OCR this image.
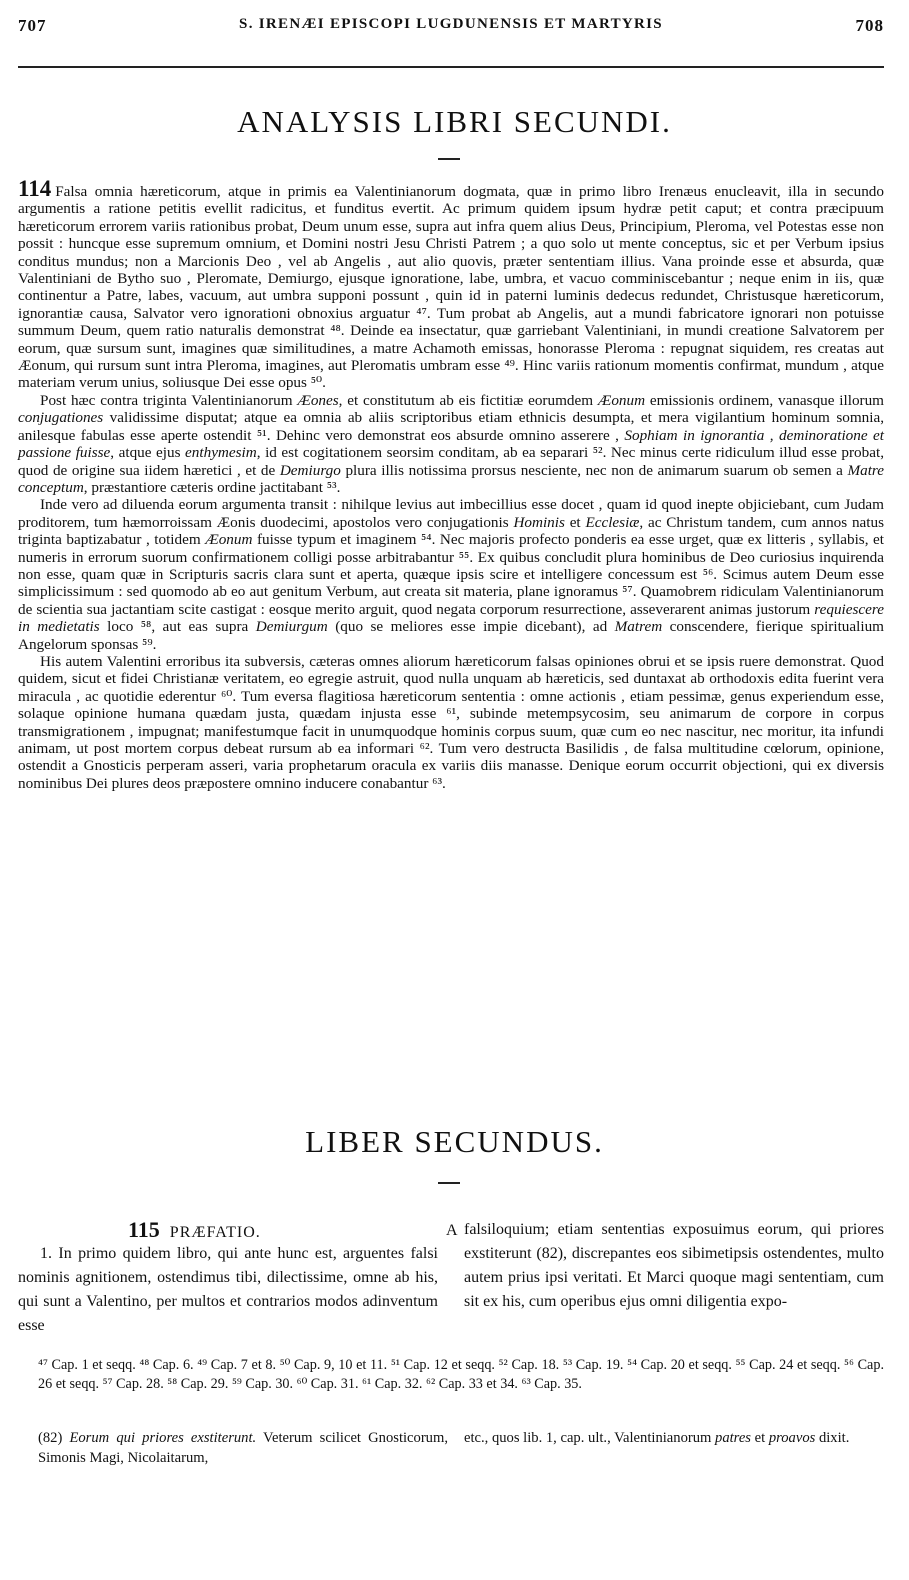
707	S. IRENÆI EPISCOPI LUGDUNENSIS ET MARTYRIS	708
ANALYSIS LIBRI SECUNDI.

114 Falsa omnia hæreticorum, atque in primis ea Valentinianorum dogmata, quæ in primo libro Irenæus enucleavit, illa in secundo argumentis a ratione petitis evellit radicitus, et funditus evertit. Ac primum quidem ipsum hydræ petit caput; et contra præcipuum hæreticorum errorem variis rationibus probat, Deum unum esse, supra aut infra quem alius Deus, Principium, Pleroma, vel Potestas esse non possit : huncque esse supremum omnium, et Domini nostri Jesu Christi Patrem ; a quo solo ut mente conceptus, sic et per Verbum ipsius conditus mundus; non a Marcionis Deo , vel ab Angelis , aut alio quovis, præter sententiam illius. Vana proinde esse et absurda, quæ Valentiniani de Bytho suo , Pleromate, Demiurgo, ejusque ignoratione, labe, umbra, et vacuo comminiscebantur ; neque enim in iis, quæ continentur a Patre, labes, vacuum, aut umbra supponi possunt , quin id in paterni luminis dedecus redundet, Christusque hæreticorum, ignorantiæ causa, Salvator vero ignorationi obnoxius arguatur ⁴⁷. Tum probat ab Angelis, aut a mundi fabricatore ignorari non potuisse summum Deum, quem ratio naturalis demonstrat ⁴⁸. Deinde ea insectatur, quæ garriebant Valentiniani, in mundi creatione Salvatorem per eorum, quæ sursum sunt, imagines quæ similitudines, a matre Achamoth emissas, honorasse Pleroma : repugnat siquidem, res creatas aut Æonum, qui rursum sunt intra Pleroma, imagines, aut Pleromatis umbram esse ⁴⁹. Hinc variis rationum momentis confirmat, mundum , atque materiam verum unius, soliusque Dei esse opus ⁵⁰.

Post hæc contra triginta Valentinianorum Æones, et constitutum ab eis fictitiæ eorumdem Æonum emissionis ordinem, vanasque illorum conjugationes validissime disputat; atque ea omnia ab aliis scriptoribus etiam ethnicis desumpta, et mera vigilantium hominum somnia, anilesque fabulas esse aperte ostendit ⁵¹. Dehinc vero demonstrat eos absurde omnino asserere , Sophiam in ignorantia , deminoratione et passione fuisse, atque ejus enthymesim, id est cogitationem seorsim conditam, ab ea separari ⁵². Nec minus certe ridiculum illud esse probat, quod de origine sua iidem hæretici , et de Demiurgo plura illis notissima prorsus nesciente, nec non de animarum suarum ob semen a Matre conceptum, præstantiore cæteris ordine jactitabant ⁵³.

Inde vero ad diluenda eorum argumenta transit : nihilque levius aut imbecillius esse docet , quam id quod inepte objiciebant, cum Judam proditorem, tum hæmorroissam Æonis duodecimi, apostolos vero conjugationis Hominis et Ecclesiæ, ac Christum tandem, cum annos natus triginta baptizabatur , totidem Æonum fuisse typum et imaginem ⁵⁴. Nec majoris profecto ponderis ea esse urget, quæ ex litteris , syllabis, et numeris in errorum suorum confirmationem colligi posse arbitrabantur ⁵⁵. Ex quibus concludit plura hominibus de Deo curiosius inquirenda non esse, quam quæ in Scripturis sacris clara sunt et aperta, quæque ipsis scire et intelligere concessum est ⁵⁶. Scimus autem Deum esse simplicissimum : sed quomodo ab eo aut genitum Verbum, aut creata sit materia, plane ignoramus ⁵⁷. Quamobrem ridiculam Valentinianorum de scientia sua jactantiam scite castigat : eosque merito arguit, quod negata corporum resurrectione, asseverarent animas justorum requiescere in medietatis loco ⁵⁸, aut eas supra Demiurgum (quo se meliores esse impie dicebant), ad Matrem conscendere, fierique spiritualium Angelorum sponsas ⁵⁹.

His autem Valentini erroribus ita subversis, cæteras omnes aliorum hæreticorum falsas opiniones obrui et se ipsis ruere demonstrat. Quod quidem, sicut et fidei Christianæ veritatem, eo egregie astruit, quod nulla unquam ab hæreticis, sed duntaxat ab orthodoxis edita fuerint vera miracula , ac quotidie ederentur ⁶⁰. Tum eversa flagitiosa hæreticorum sententia : omne actionis , etiam pessimæ, genus experiendum esse, solaque opinione humana quædam justa, quædam injusta esse ⁶¹, subinde metempsycosim, seu animarum de corpore in corpus transmigrationem , impugnat; manifestumque facit in unumquodque hominis corpus suum, quæ cum eo nec nascitur, nec moritur, ita infundi animam, ut post mortem corpus debeat rursum ab ea informari ⁶². Tum vero destructa Basilidis , de falsa multitudine cœlorum, opinione, ostendit a Gnosticis perperam asseri, varia prophetarum oracula ex variis diis manasse. Denique eorum occurrit objectioni, qui ex diversis nominibus Dei plures deos præpostere omnino inducere conabantur ⁶³.

LIBER SECUNDUS.
115 PRÆFATIO.

1. In primo quidem libro, qui ante hunc est, arguentes falsi nominis agnitionem, ostendimus tibi, dilectissime, omne ab his, qui sunt a Valentino, per multos et contrarios modos adinventum esse

A falsiloquium; etiam sententias exposuimus eorum, qui priores exstiterunt (82), discrepantes eos sibimetipsis ostendentes, multo autem prius ipsi veritati. Et Marci quoque magi sententiam, cum sit ex his, cum operibus ejus omni diligentia expo-

⁴⁷ Cap. 1 et seqq. ⁴⁸ Cap. 6. ⁴⁹ Cap. 7 et 8. ⁵⁰ Cap. 9, 10 et 11. ⁵¹ Cap. 12 et seqq. ⁵² Cap. 18. ⁵³ Cap. 19. ⁵⁴ Cap. 20 et seqq. ⁵⁵ Cap. 24 et seqq. ⁵⁶ Cap. 26 et seqq. ⁵⁷ Cap. 28. ⁵⁸ Cap. 29. ⁵⁹ Cap. 30. ⁶⁰ Cap. 31. ⁶¹ Cap. 32. ⁶² Cap. 33 et 34. ⁶³ Cap. 35.
(82) Eorum qui priores exstiterunt. Veterum scilicet Gnosticorum, Simonis Magi, Nicolaitarum,
etc., quos lib. 1, cap. ult., Valentinianorum patres et proavos dixit.
